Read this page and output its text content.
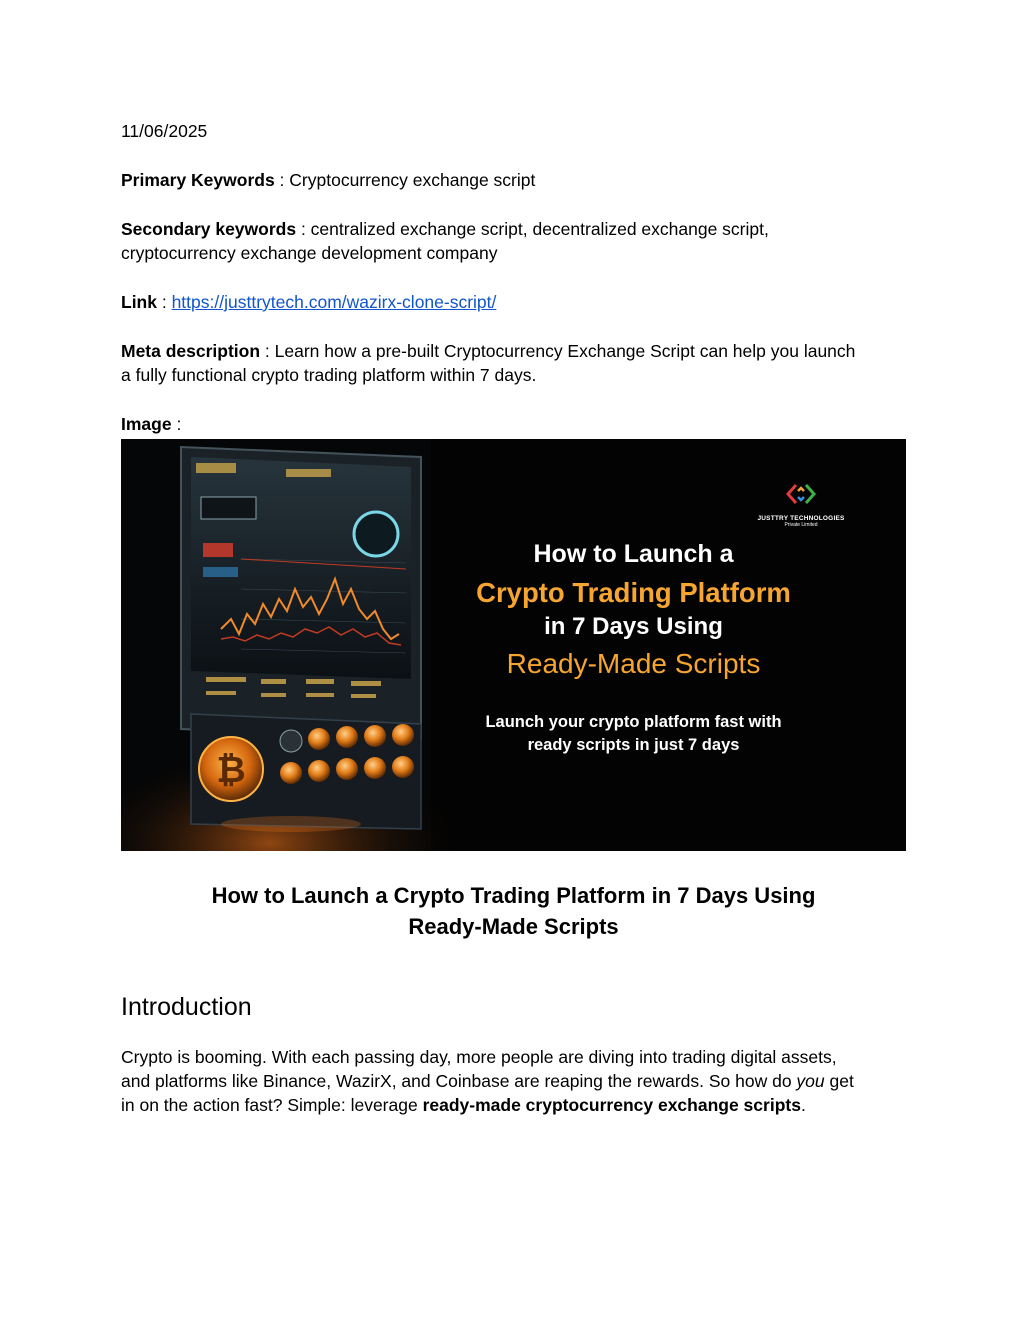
11/06/2025

Primary Keywords : Cryptocurrency exchange script

Secondary keywords : centralized exchange script, decentralized exchange script,
cryptocurrency exchange development company

Link : https://justtrytech.com/wazirx-clone-script/

Meta description : Learn how a pre-built Cryptocurrency Exchange Script can help you launch
a fully functional crypto trading platform within 7 days.

Image :

₿
JUSTTRY TECHNOLOGIES
Private Limited
How to Launch a
Crypto Trading Platform
in 7 Days Using
Ready-Made Scripts
Launch your crypto platform fast with
ready scripts in just 7 days
How to Launch a Crypto Trading Platform in 7 Days Using
Ready-Made Scripts
Introduction

Crypto is booming. With each passing day, more people are diving into trading digital assets,
and platforms like Binance, WazirX, and Coinbase are reaping the rewards. So how do you get
in on the action fast? Simple: leverage ready-made cryptocurrency exchange scripts.
